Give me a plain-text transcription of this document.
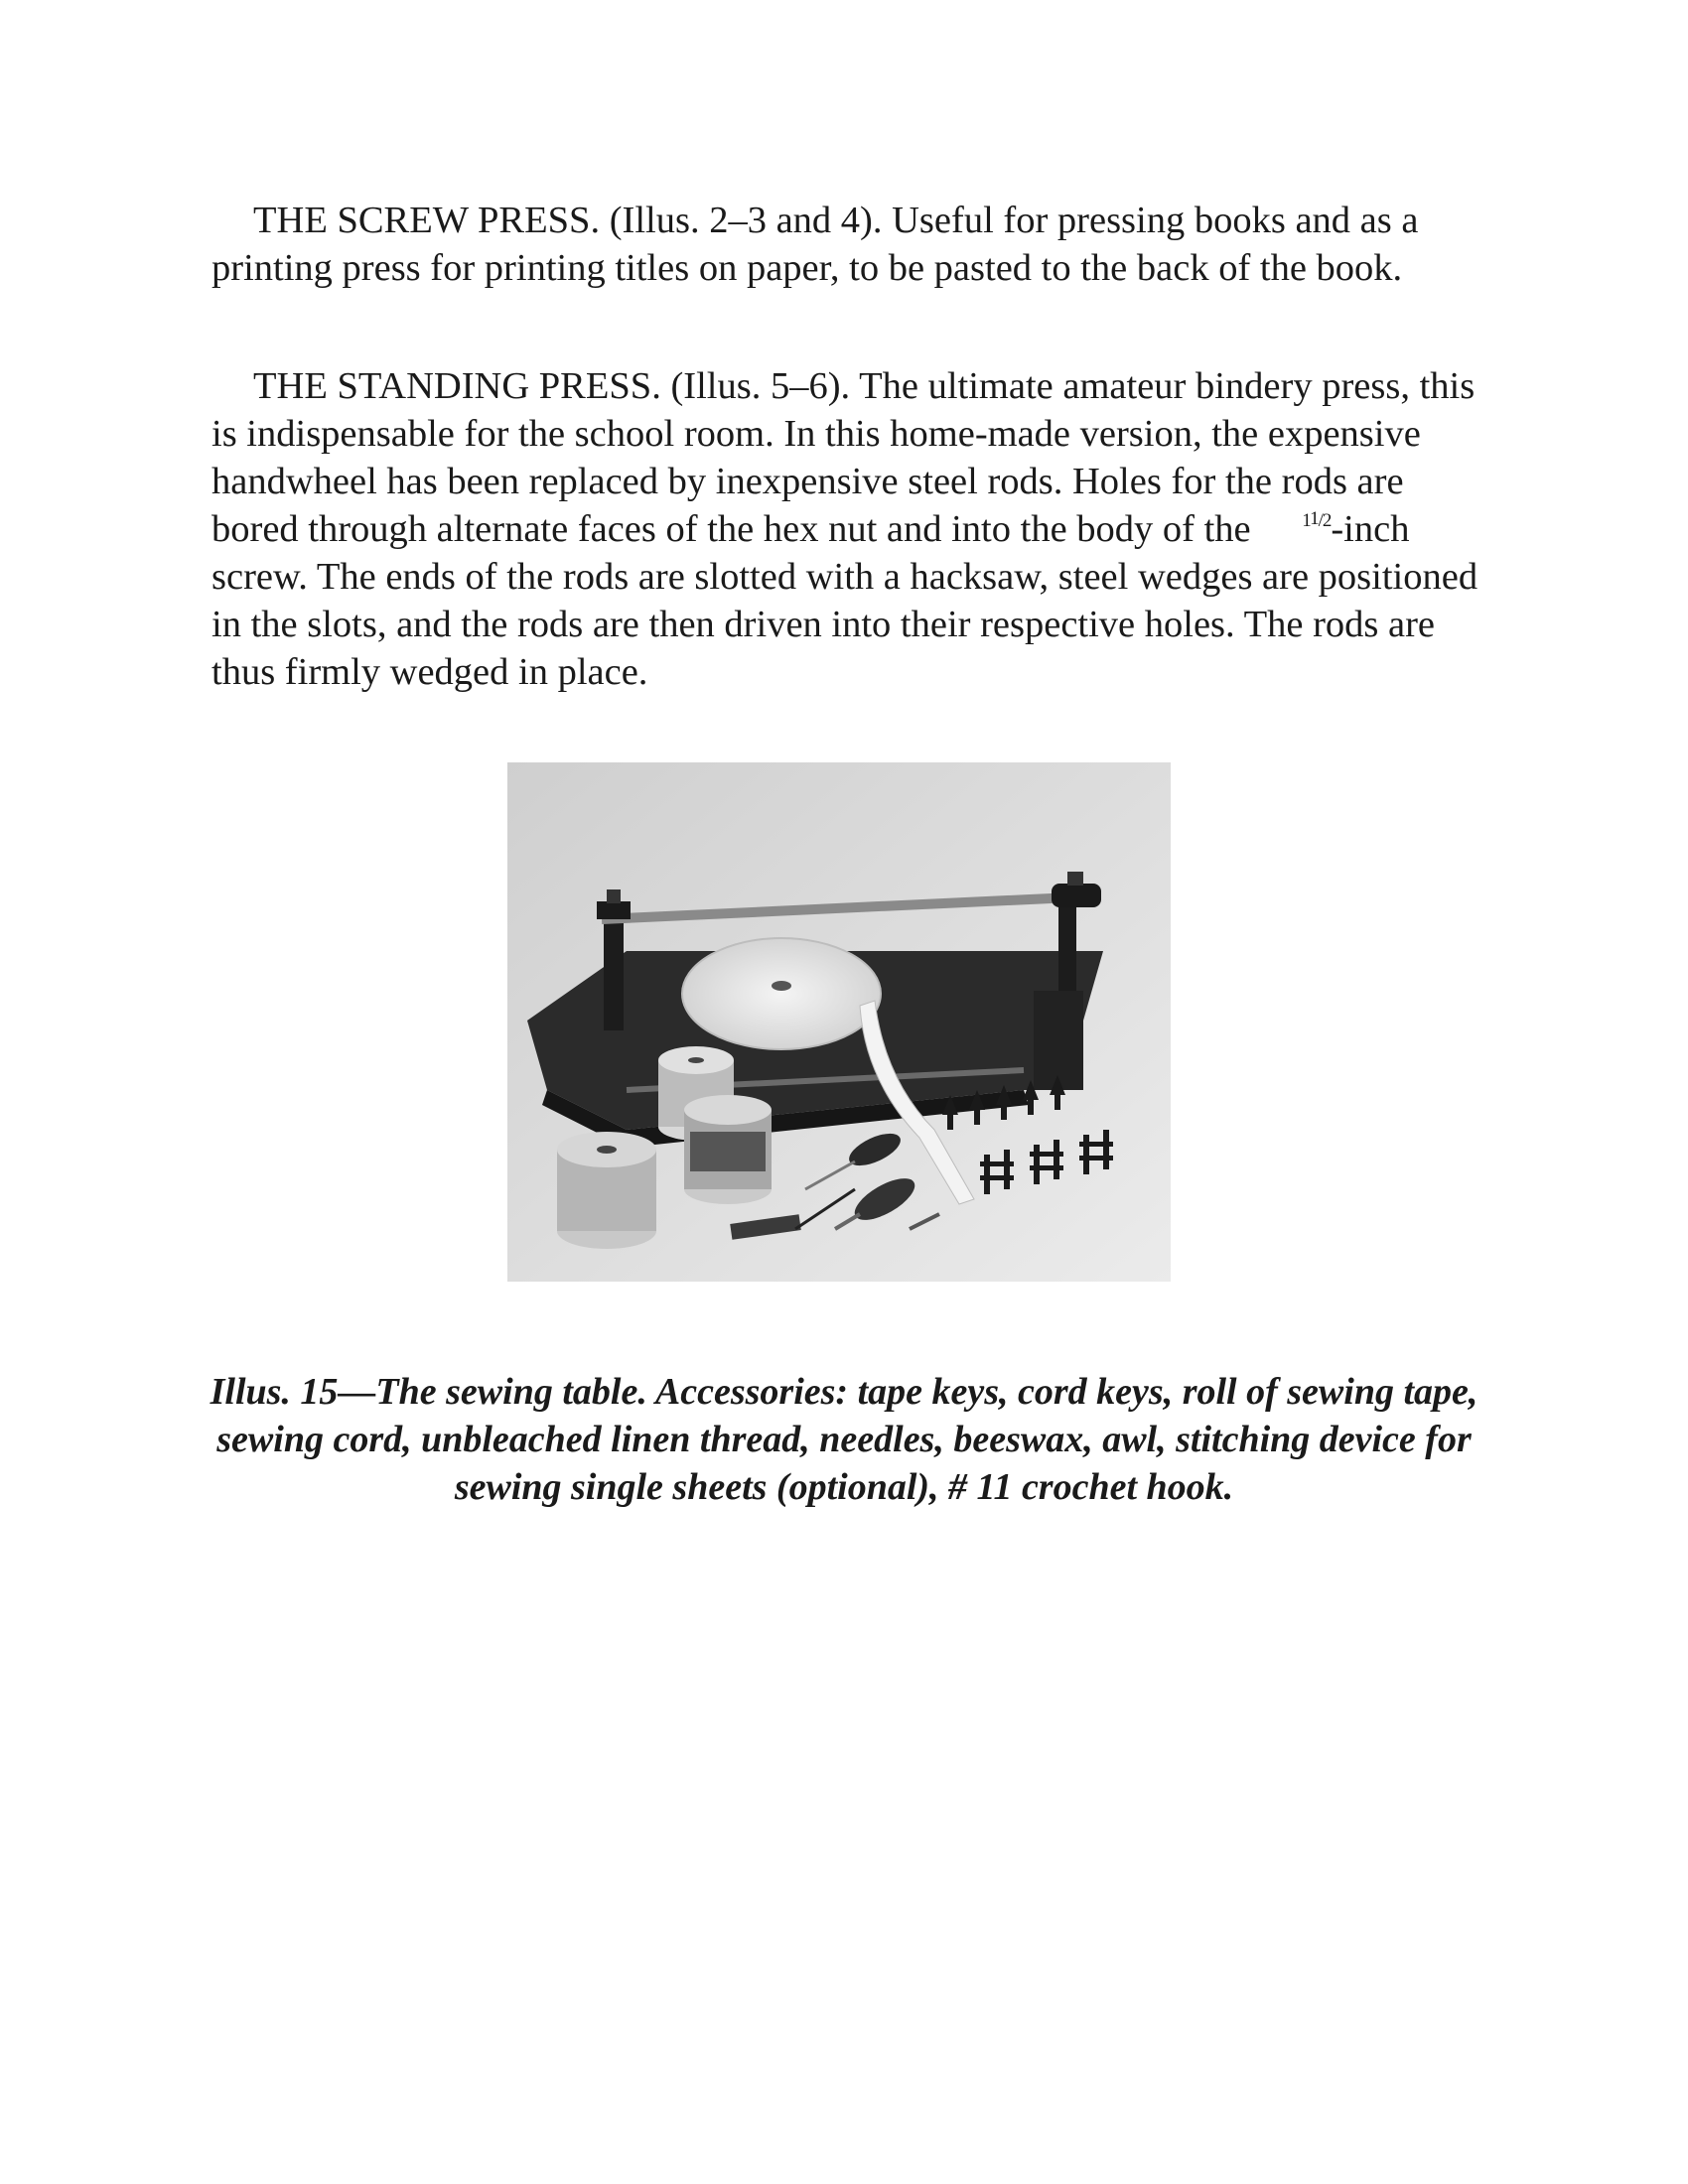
THE SCREW PRESS. (Illus. 2–3 and 4). Useful for pressing books and as a printing press for printing titles on paper, to be pasted to the back of the book.

THE STANDING PRESS. (Illus. 5–6). The ultimate amateur bindery press, this is indispensable for the school room. In this home-made version, the expensive handwheel has been replaced by inexpensive steel rods. Holes for the rods are bored through alternate faces of the hex nut and into the body of the 11/2-inch screw. The ends of the rods are slotted with a hacksaw, steel wedges are positioned in the slots, and the rods are then driven into their respective holes. The rods are thus firmly wedged in place.

Illus. 15—The sewing table. Accessories: tape keys, cord keys, roll of sewing tape, sewing cord, unbleached linen thread, needles, beeswax, awl, stitching device for sewing single sheets (optional), # 11 crochet hook.
